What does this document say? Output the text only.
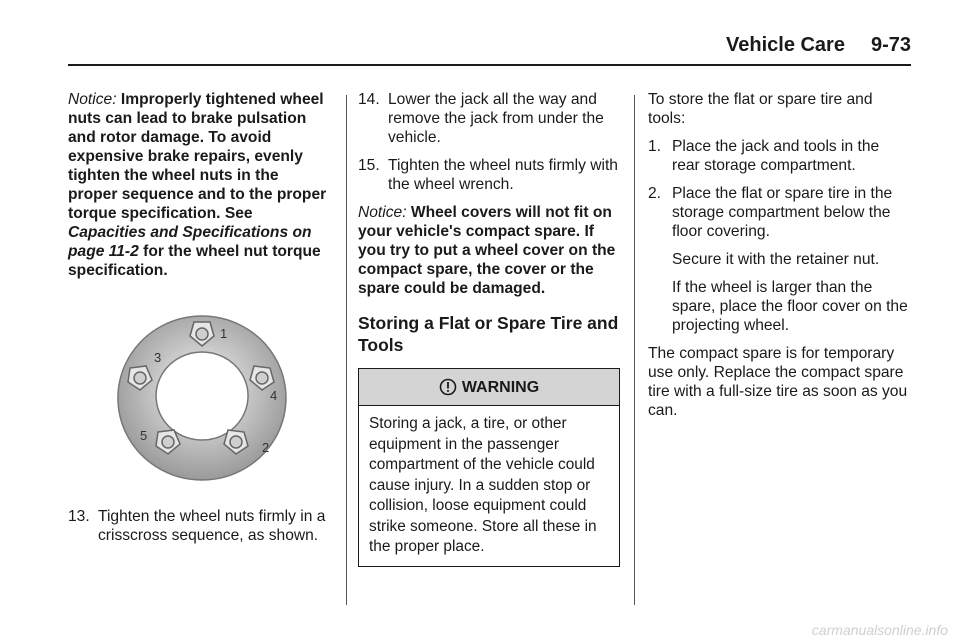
Vehicle Care 9-73

Notice: Improperly tightened wheel nuts can lead to brake pulsation and rotor damage. To avoid expensive brake repairs, evenly tighten the wheel nuts in the proper sequence and to the proper torque specification. See Capacities and Specifications on page 11-2 for the wheel nut torque specification.

1
2
3
4
5
13. Tighten the wheel nuts firmly in a crisscross sequence, as shown.
14. Lower the jack all the way and remove the jack from under the vehicle.
15. Tighten the wheel nuts firmly with the wheel wrench.

Notice: Wheel covers will not fit on your vehicle's compact spare. If you try to put a wheel cover on the compact spare, the cover or the spare could be damaged.

Storing a Flat or Spare Tire and Tools
WARNING
Storing a jack, a tire, or other equipment in the passenger compartment of the vehicle could cause injury. In a sudden stop or collision, loose equipment could strike someone. Store all these in the proper place.

To store the flat or spare tire and tools:

1. Place the jack and tools in the rear storage compartment.
2. Place the flat or spare tire in the storage compartment below the floor covering.
Secure it with the retainer nut.
If the wheel is larger than the spare, place the floor cover on the projecting wheel.

The compact spare is for temporary use only. Replace the compact spare tire with a full-size tire as soon as you can.

carmanualsonline.info
